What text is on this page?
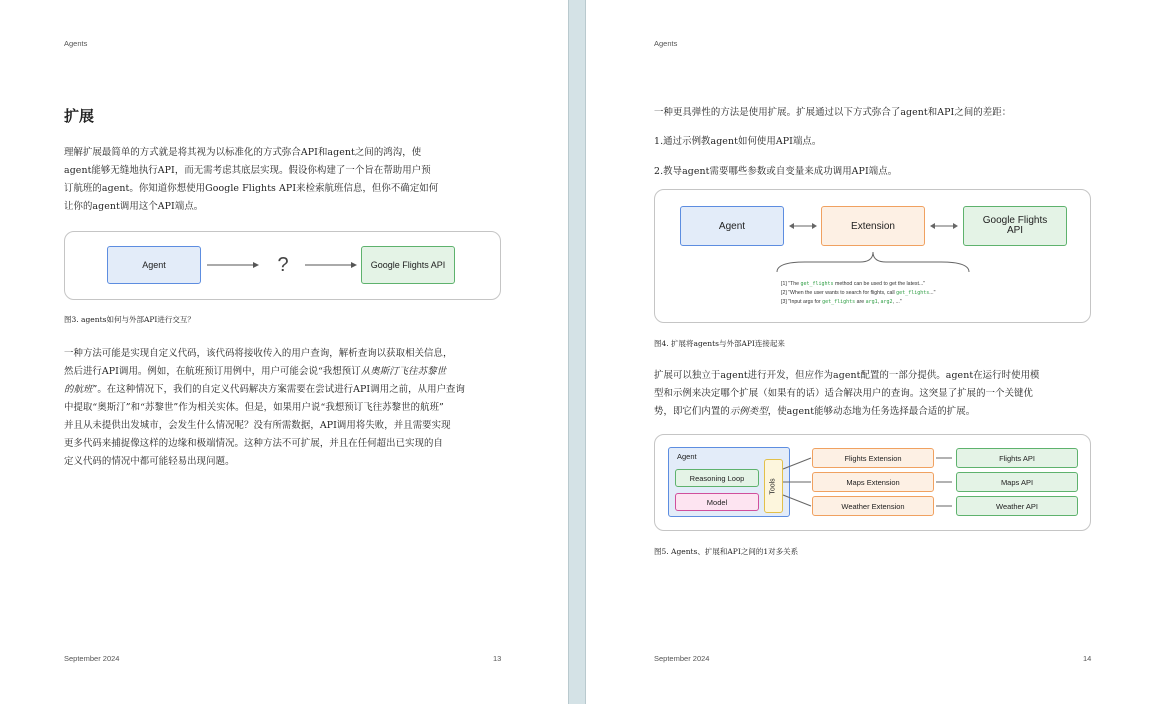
Agents
扩展
理解扩展最简单的方式就是将其视为以标准化的方式弥合API和agent之间的鸿沟，使
agent能够无缝地执行API，而无需考虑其底层实现。假设你构建了一个旨在帮助用户预
订航班的agent。你知道你想使用Google Flights API来检索航班信息，但你不确定如何
让你的agent调用这个API端点。
Agent	?	Google Flights API
图3. agents如何与外部API进行交互？
一种方法可能是实现自定义代码，该代码将接收传入的用户查询，解析查询以获取相关信息，
然后进行API调用。例如，在航班预订用例中，用户可能会说“我想预订从奥斯汀飞往苏黎世
的航班”。在这种情况下，我们的自定义代码解决方案需要在尝试进行API调用之前，从用户查询
中提取“奥斯汀”和“苏黎世”作为相关实体。但是，如果用户说“我想预订飞往苏黎世的航班”
并且从未提供出发城市，会发生什么情况呢？没有所需数据，API调用将失败，并且需要实现
更多代码来捕捉像这样的边缘和极端情况。这种方法不可扩展，并且在任何超出已实现的自
定义代码的情况中都可能轻易出现问题。
September 2024	13
Agents
一种更具弹性的方法是使用扩展。扩展通过以下方式弥合了agent和API之间的差距：
1.通过示例教agent如何使用API端点。
2.教导agent需要哪些参数或自变量来成功调用API端点。
Agent	Extension	Google Flights API
[1] "The get_flights method can be used to get the latest..."
[2] "When the user wants to search for flights, call get_flights..."
[3] "Input args for get_flights are arg1, arg2, ..."
图4. 扩展将agents与外部API连接起来
扩展可以独立于agent进行开发，但应作为agent配置的一部分提供。agent在运行时使用模
型和示例来决定哪个扩展（如果有的话）适合解决用户的查询。这突显了扩展的一个关键优
势，即它们内置的示例类型，使agent能够动态地为任务选择最合适的扩展。
Agent
Reasoning Loop
Model
Tools
Flights Extension
Maps Extension
Weather Extension
Flights API
Maps API
Weather API
图5. Agents、扩展和API之间的1对多关系
September 2024	14
